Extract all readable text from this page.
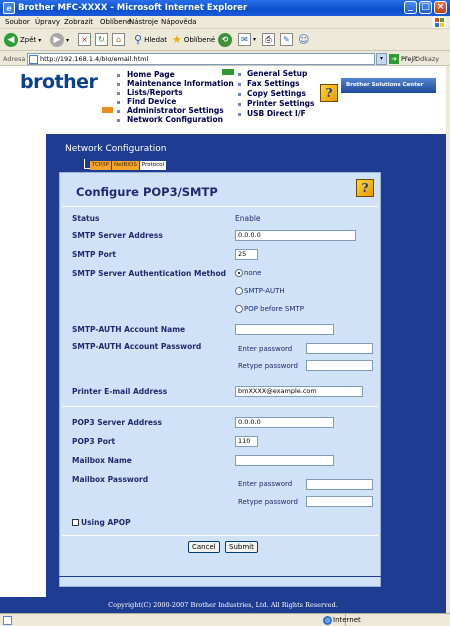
e Brother MFC-XXXX - Microsoft Internet Explorer	_ □ ×
Soubor Úpravy Zobrazit Oblíbené
Nástroje Nápověda
◀ Zpět ▾	▶ ▾	×	↻	⌂	⚲ Hledat ★ Oblíbené ⟲	✉ ▾	⎙	✎ ☺
Adresa	http://192.168.1.4/bio/email.html	▾	➔ Přejít
Odkazy
brother	Home Page
Maintenance Information
Lists/Reports
Find Device
Administrator Settings
Network Configuration
General Setup
Fax Settings
Copy Settings
Printer Settings
USB Direct I/F
?
Brother Solutions Center
Network Configuration
TCP/IP NetBIOS Protocol
Configure POP3/SMTP	?
Status	Enable
SMTP Server Address	0.0.0.0
SMTP Port	25
SMTP Server Authentication Method	none
SMTP-AUTH
POP before SMTP
SMTP-AUTH Account Name
SMTP-AUTH Account Password	Enter password
Retype password
Printer E-mail Address	bmXXXX@example.com
POP3 Server Address	0.0.0.0
POP3 Port	110
Mailbox Name
Mailbox Password	Enter password
Retype password
Using APOP
Cancel	Submit
Copyright(C) 2000-2007 Brother Industries, Ltd. All Rights Reserved.
◎ Internet
